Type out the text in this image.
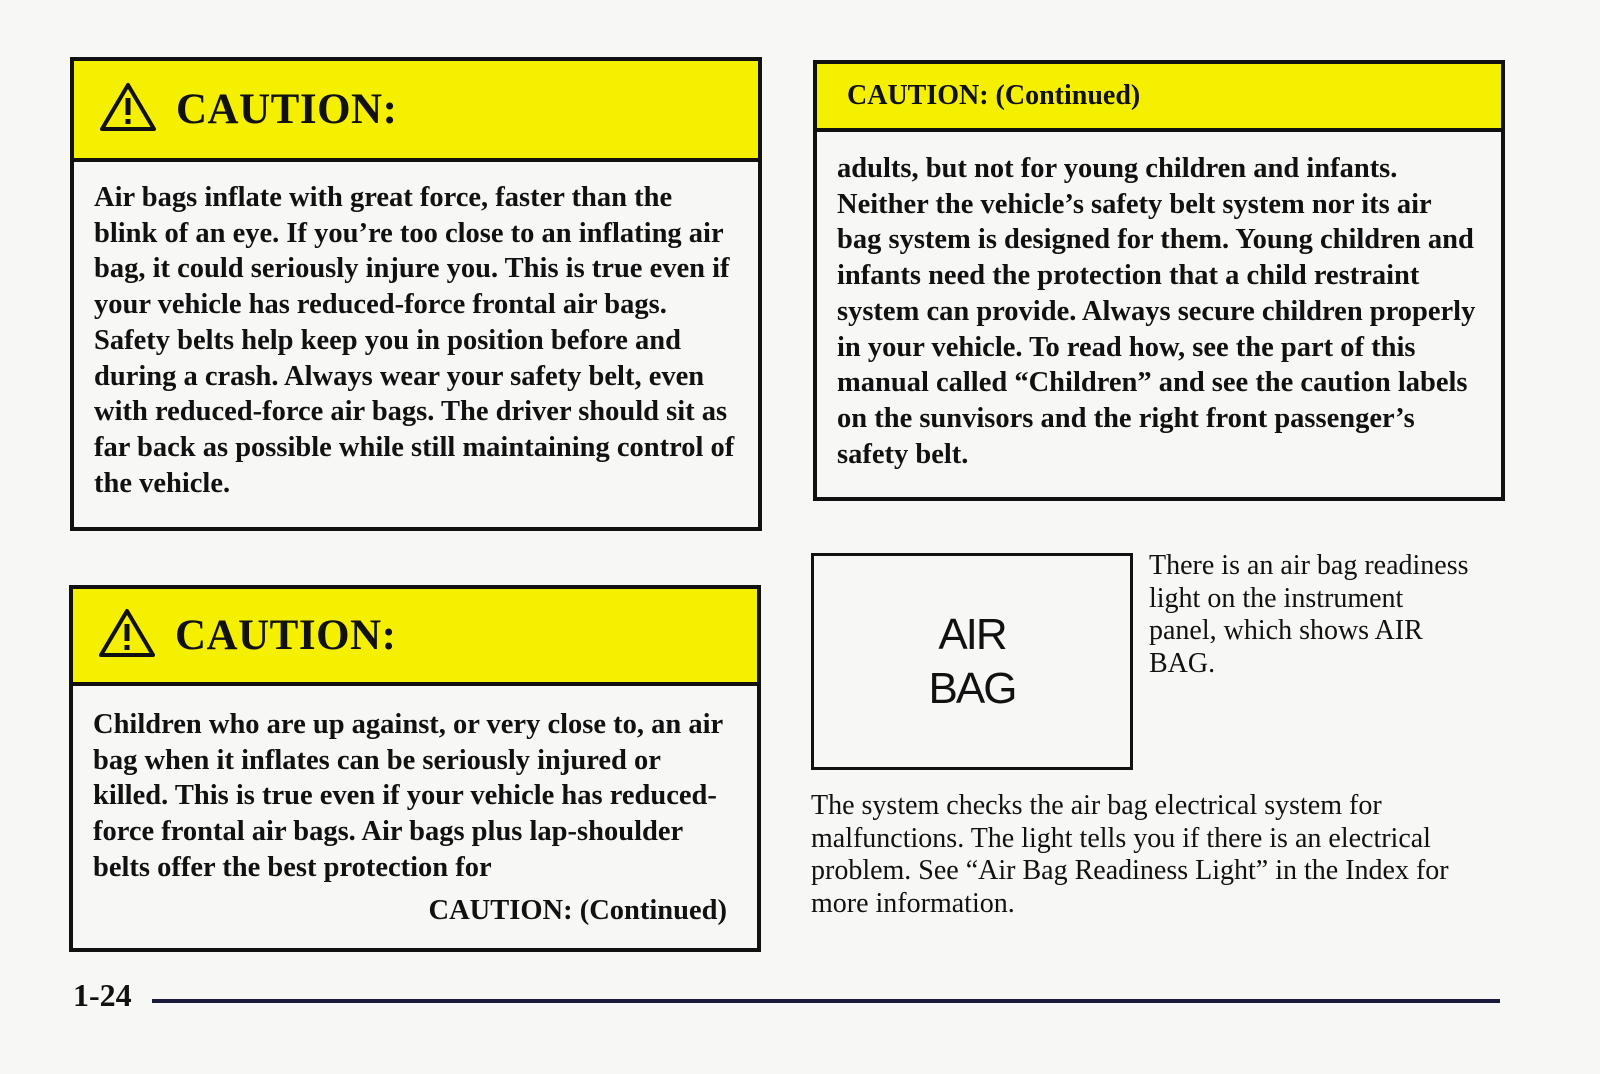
CAUTION:
Air bags inflate with great force, faster than the blink of an eye. If you’re too close to an inflating air bag, it could seriously injure you. This is true even if your vehicle has reduced-force frontal air bags. Safety belts help keep you in position before and during a crash. Always wear your safety belt, even with reduced-force air bags. The driver should sit as far back as possible while still maintaining control of the vehicle.
CAUTION:
Children who are up against, or very close to, an air bag when it inflates can be seriously injured or killed. This is true even if your vehicle has reduced-force frontal air bags. Air bags plus lap-shoulder belts offer the best protection for
CAUTION: (Continued)
CAUTION: (Continued)
adults, but not for young children and infants. Neither the vehicle’s safety belt system nor its air bag system is designed for them. Young children and infants need the protection that a child restraint system can provide. Always secure children properly in your vehicle. To read how, see the part of this manual called “Children” and see the caution labels on the sunvisors and the right front passenger’s safety belt.
AIR
BAG
There is an air bag readiness light on the instrument panel, which shows AIR BAG.
The system checks the air bag electrical system for malfunctions. The light tells you if there is an electrical problem. See “Air Bag Readiness Light” in the Index for more information.
1-24
